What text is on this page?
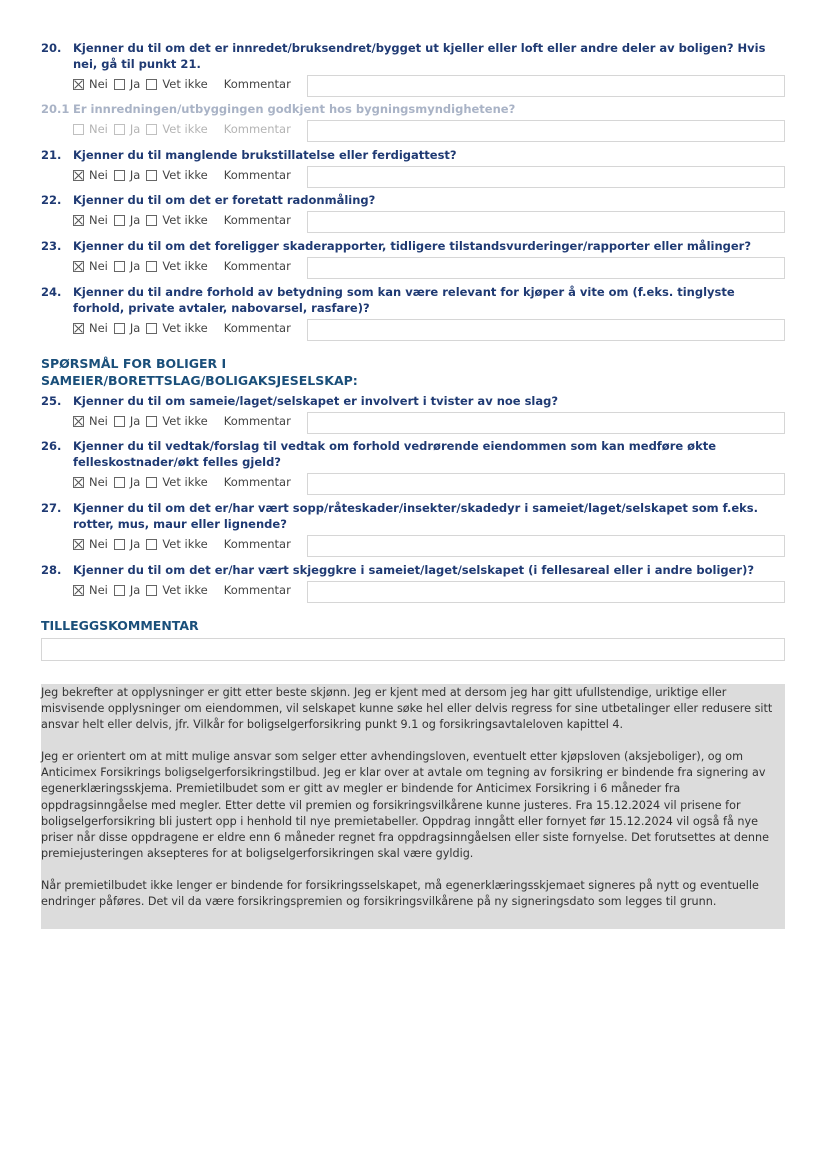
20.	Kjenner du til om det er innredet/bruksendret/bygget ut kjeller eller loft eller andre deler av boligen? Hvis nei, gå til punkt 21.
Nei Ja Vet ikke Kommentar
20.1 Er innredningen/utbyggingen godkjent hos bygningsmyndighetene?
Nei Ja Vet ikke Kommentar
21.	Kjenner du til manglende brukstillatelse eller ferdigattest?
Nei Ja Vet ikke Kommentar
22.	Kjenner du til om det er foretatt radonmåling?
Nei Ja Vet ikke Kommentar
23.	Kjenner du til om det foreligger skaderapporter, tidligere tilstandsvurderinger/rapporter eller målinger?
Nei Ja Vet ikke Kommentar
24.	Kjenner du til andre forhold av betydning som kan være relevant for kjøper å vite om (f.eks. tinglyste forhold, private avtaler, nabovarsel, rasfare)?
Nei Ja Vet ikke Kommentar
SPØRSMÅL FOR BOLIGER I SAMEIER/BORETTSLAG/BOLIGAKSJESELSKAP:
25.	Kjenner du til om sameie/laget/selskapet er involvert i tvister av noe slag?
Nei Ja Vet ikke Kommentar
26.	Kjenner du til vedtak/forslag til vedtak om forhold vedrørende eiendommen som kan medføre økte felleskostnader/økt felles gjeld?
Nei Ja Vet ikke Kommentar
27.	Kjenner du til om det er/har vært sopp/råteskader/insekter/skadedyr i sameiet/laget/selskapet som f.eks. rotter, mus, maur eller lignende?
Nei Ja Vet ikke Kommentar
28.	Kjenner du til om det er/har vært skjeggkre i sameiet/laget/selskapet (i fellesareal eller i andre boliger)?
Nei Ja Vet ikke Kommentar
TILLEGGSKOMMENTAR

Jeg bekrefter at opplysninger er gitt etter beste skjønn. Jeg er kjent med at dersom jeg har gitt ufullstendige, uriktige eller misvisende opplysninger om eiendommen, vil selskapet kunne søke hel eller delvis regress for sine utbetalinger eller redusere sitt ansvar helt eller delvis, jfr. Vilkår for boligselgerforsikring punkt 9.1 og forsikringsavtaleloven kapittel 4.

Jeg er orientert om at mitt mulige ansvar som selger etter avhendingsloven, eventuelt etter kjøpsloven (aksjeboliger), og om Anticimex Forsikrings boligselgerforsikringstilbud. Jeg er klar over at avtale om tegning av forsikring er bindende fra signering av egenerklæringsskjema. Premietilbudet som er gitt av megler er bindende for Anticimex Forsikring i 6 måneder fra oppdragsinngåelse med megler. Etter dette vil premien og forsikringsvilkårene kunne justeres. Fra 15.12.2024 vil prisene for boligselgerforsikring bli justert opp i henhold til nye premietabeller. Oppdrag inngått eller fornyet før 15.12.2024 vil også få nye priser når disse oppdragene er eldre enn 6 måneder regnet fra oppdragsinngåelsen eller siste fornyelse. Det forutsettes at denne premiejusteringen aksepteres for at boligselgerforsikringen skal være gyldig.

Når premietilbudet ikke lenger er bindende for forsikringsselskapet, må egenerklæringsskjemaet signeres på nytt og eventuelle endringer påføres. Det vil da være forsikringspremien og forsikringsvilkårene på ny signeringsdato som legges til grunn.
